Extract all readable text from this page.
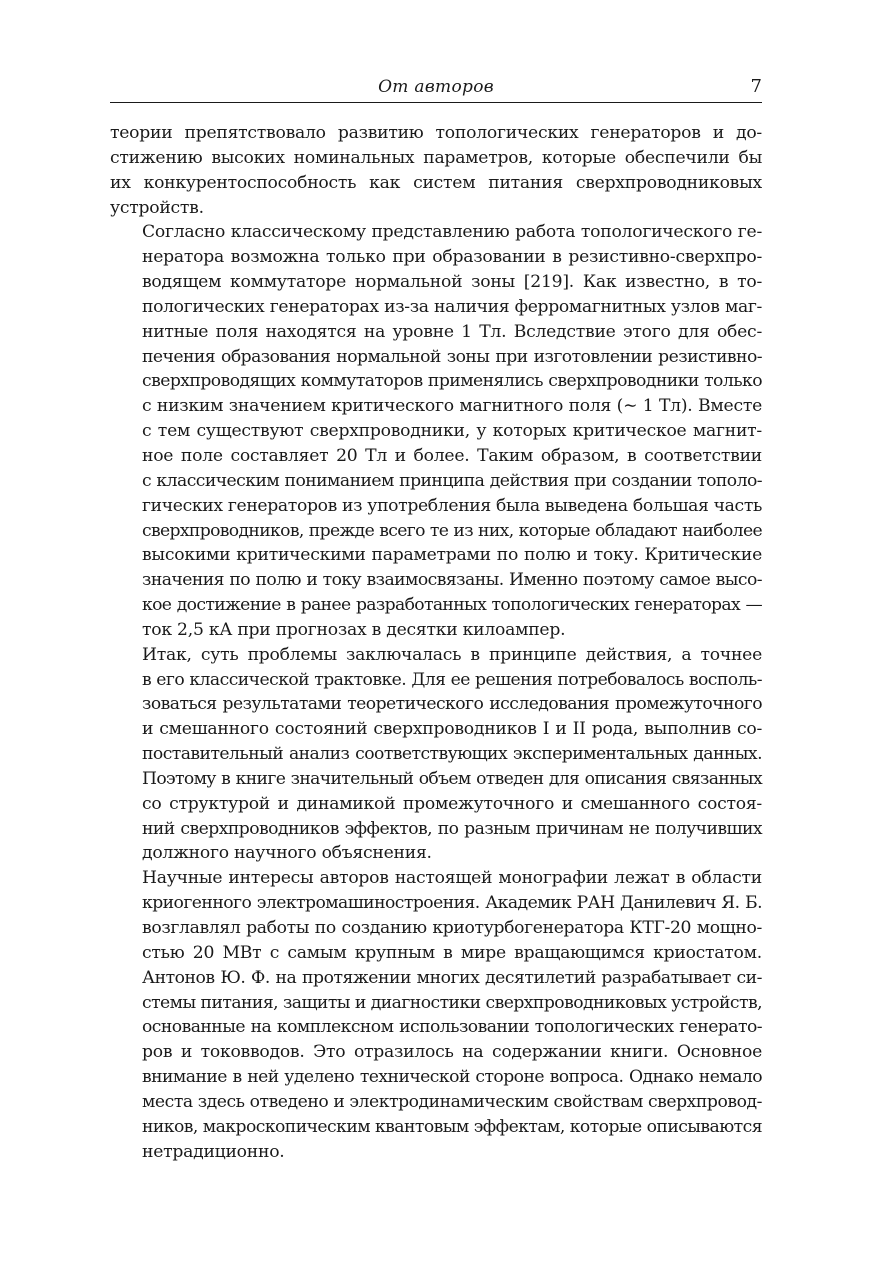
От авторов	7

теории препятствовало развитию топологических генераторов и до-
стижению высоких номинальных параметров, которые обеспечили бы
их конкурентоспособность как систем питания сверхпроводниковых
устройств.

Согласно классическому представлению работа топологического ге-
нератора возможна только при образовании в резистивно-сверхпро-
водящем коммутаторе нормальной зоны [219]. Как известно, в то-
пологических генераторах из-за наличия ферромагнитных узлов маг-
нитные поля находятся на уровне 1 Тл. Вследствие этого для обес-
печения образования нормальной зоны при изготовлении резистивно-
сверхпроводящих коммутаторов применялись сверхпроводники только
с низким значением критического магнитного поля (∼ 1 Тл). Вместе
с тем существуют сверхпроводники, у которых критическое магнит-
ное поле составляет 20 Тл и более. Таким образом, в соответствии
с классическим пониманием принципа действия при создании тополо-
гических генераторов из употребления была выведена большая часть
сверхпроводников, прежде всего те из них, которые обладают наиболее
высокими критическими параметрами по полю и току. Критические
значения по полю и току взаимосвязаны. Именно поэтому самое высо-
кое достижение в ранее разработанных топологических генераторах —
ток 2,5 кА при прогнозах в десятки килоампер.

Итак, суть проблемы заключалась в принципе действия, а точнее
в его классической трактовке. Для ее решения потребовалось восполь-
зоваться результатами теоретического исследования промежуточного
и смешанного состояний сверхпроводников I и II рода, выполнив со-
поставительный анализ соответствующих экспериментальных данных.
Поэтому в книге значительный объем отведен для описания связанных
со структурой и динамикой промежуточного и смешанного состоя-
ний сверхпроводников эффектов, по разным причинам не получивших
должного научного объяснения.

Научные интересы авторов настоящей монографии лежат в области
криогенного электромашиностроения. Академик РАН Данилевич Я. Б.
возглавлял работы по созданию криотурбогенератора КТГ-20 мощно-
стью 20 МВт с самым крупным в мире вращающимся криостатом.
Антонов Ю. Ф. на протяжении многих десятилетий разрабатывает си-
стемы питания, защиты и диагностики сверхпроводниковых устройств,
основанные на комплексном использовании топологических генерато-
ров и токовводов. Это отразилось на содержании книги. Основное
внимание в ней уделено технической стороне вопроса. Однако немало
места здесь отведено и электродинамическим свойствам сверхпровод-
ников, макроскопическим квантовым эффектам, которые описываются
нетрадиционно.
